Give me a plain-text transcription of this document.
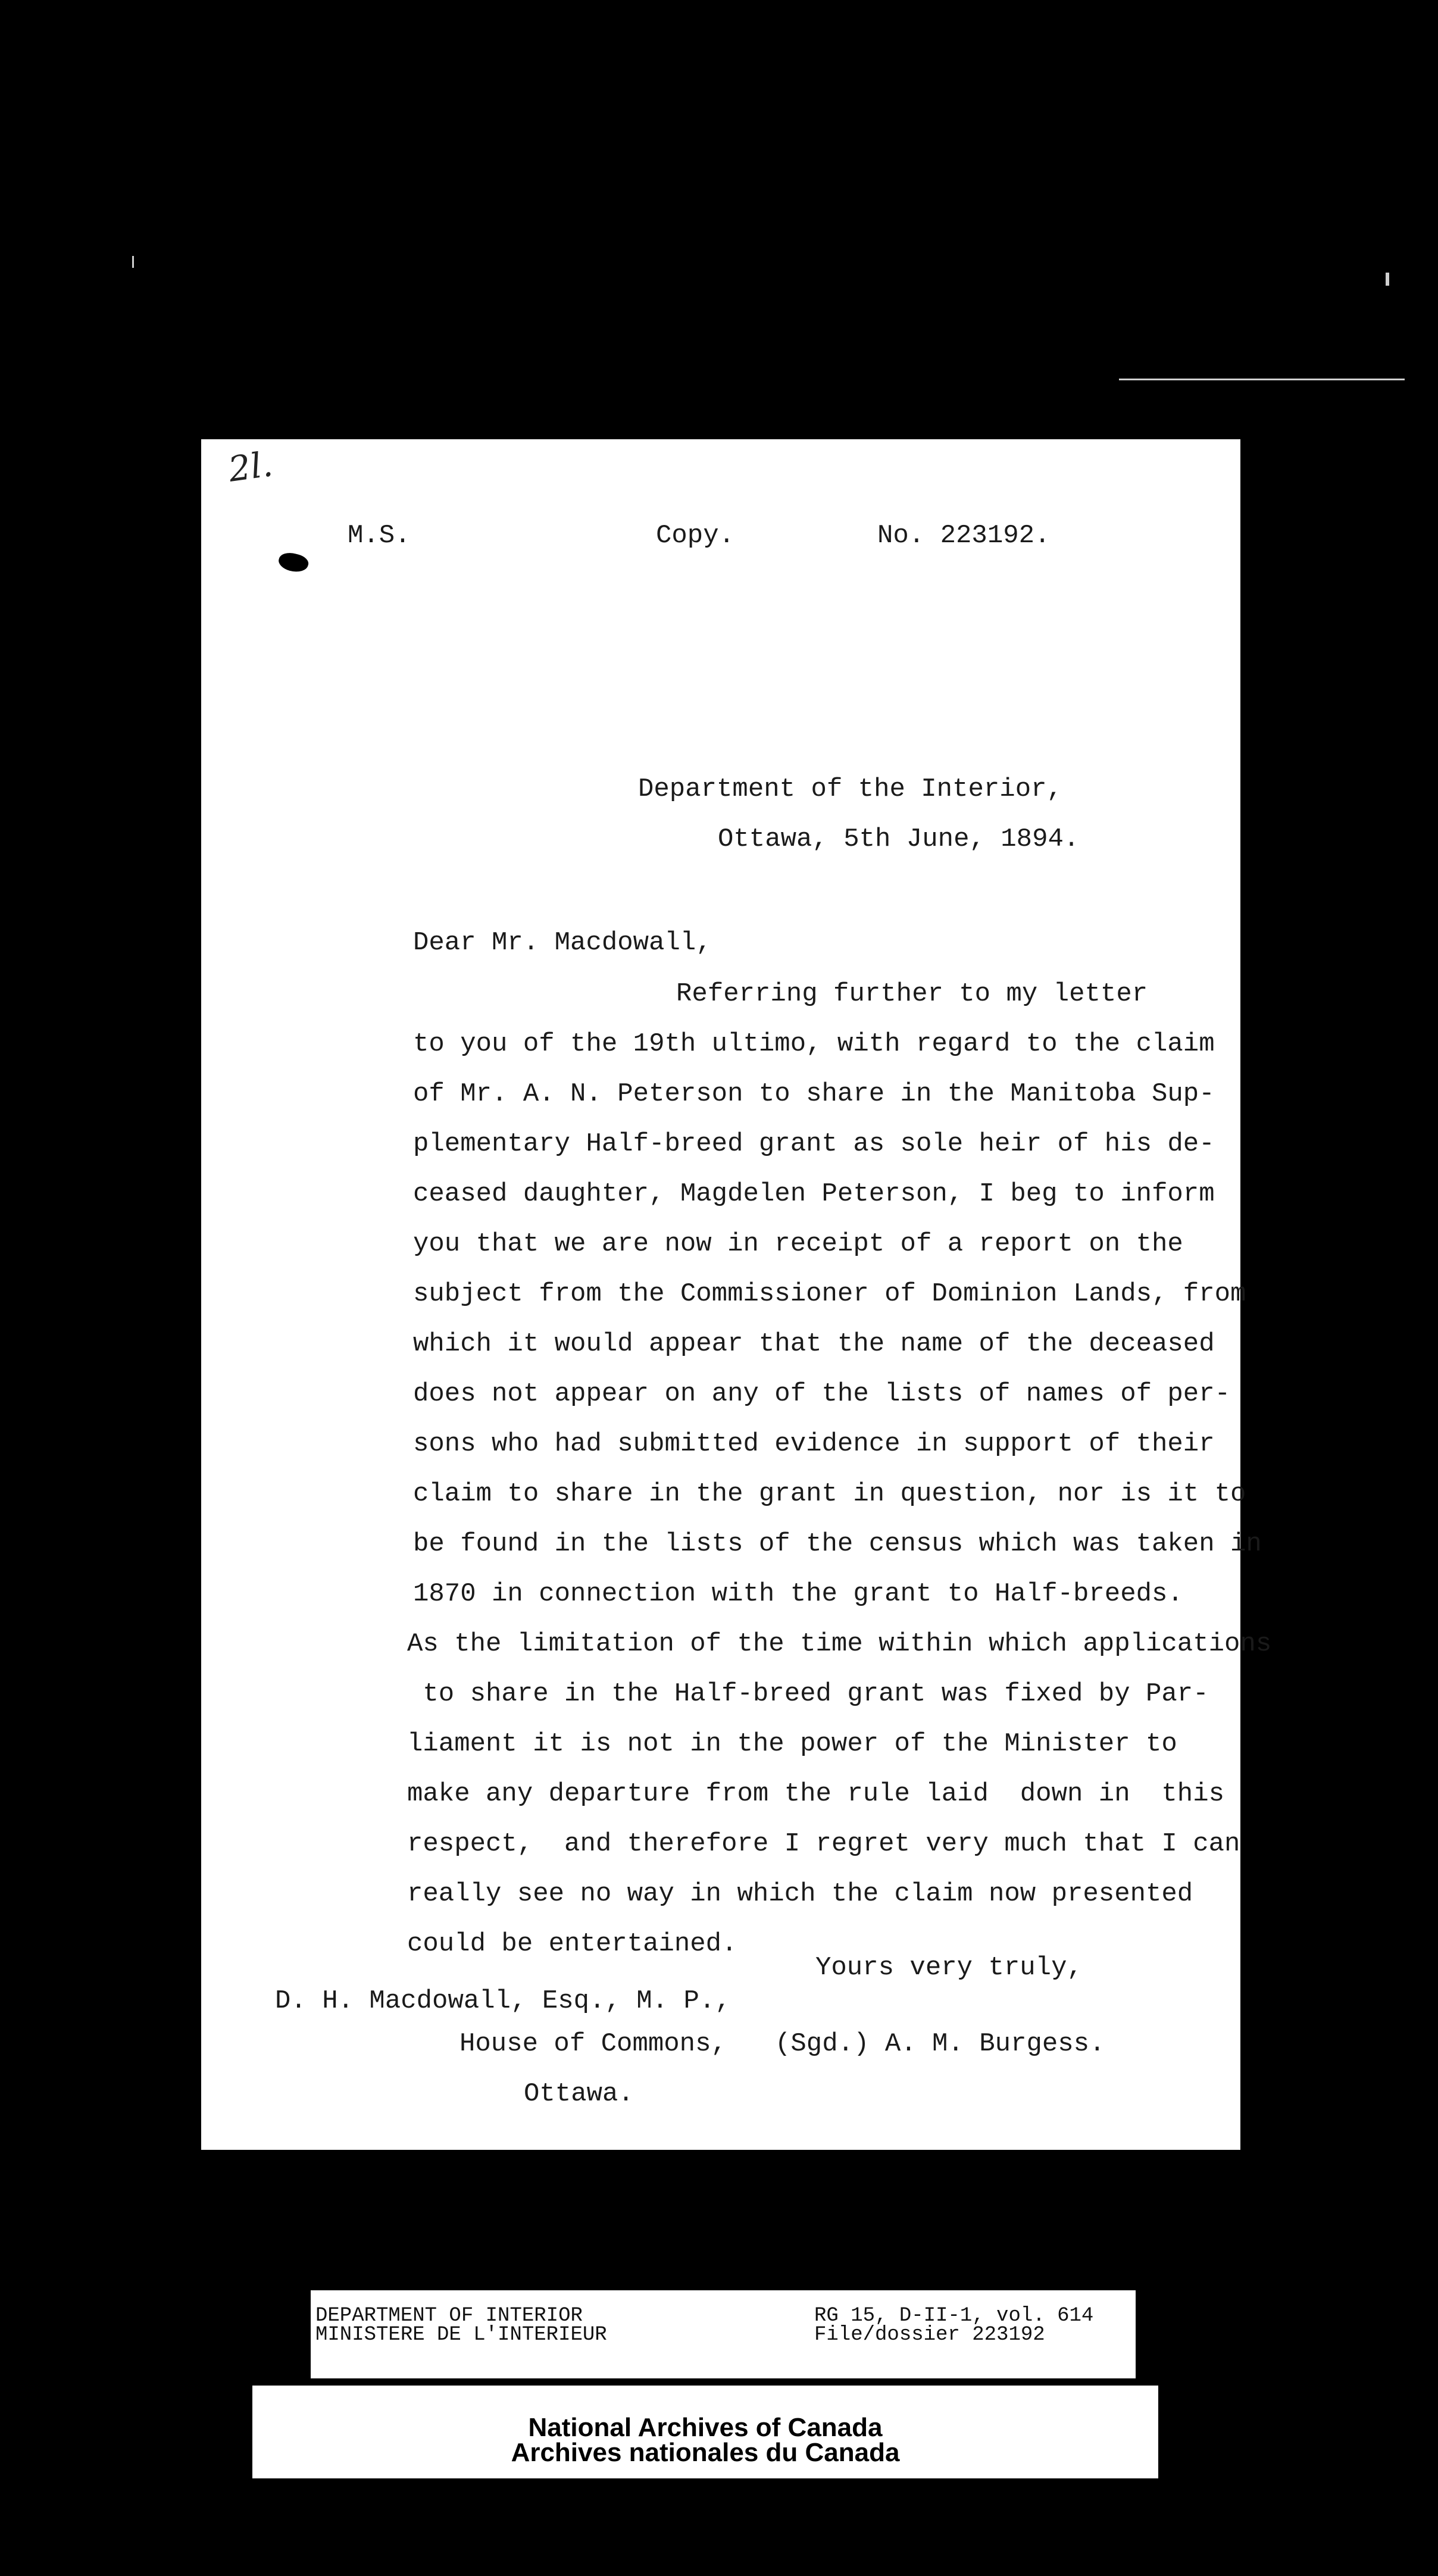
2l.
M.S.	Copy.	No. 223192.
Department of the Interior,
Ottawa, 5th June, 1894.
Dear Mr. Macdowall,
Referring further to my letter
to you of the 19th ultimo, with regard to the claim
of Mr. A. N. Peterson to share in the Manitoba Sup-
plementary Half-breed grant as sole heir of his de-
ceased daughter, Magdelen Peterson, I beg to inform
you that we are now in receipt of a report on the
subject from the Commissioner of Dominion Lands, from
which it would appear that the name of the deceased
does not appear on any of the lists of names of per-
sons who had submitted evidence in support of their
claim to share in the grant in question, nor is it to
be found in the lists of the census which was taken in
1870 in connection with the grant to Half-breeds.
As the limitation of the time within which applications
to share in the Half-breed grant was fixed by Par-
liament it is not in the power of the Minister to
make any departure from the rule laid  down in  this
respect,  and therefore I regret very much that I can
really see no way in which the claim now presented
could be entertained.
Yours very truly,
(Sgd.) A. M. Burgess.
D. H. Macdowall, Esq., M. P.,
House of Commons,
Ottawa.
DEPARTMENT OF INTERIOR
MINISTERE DE L'INTERIEUR
RG 15, D-II-1, vol. 614
File/dossier 223192
National Archives of Canada
Archives nationales du Canada
